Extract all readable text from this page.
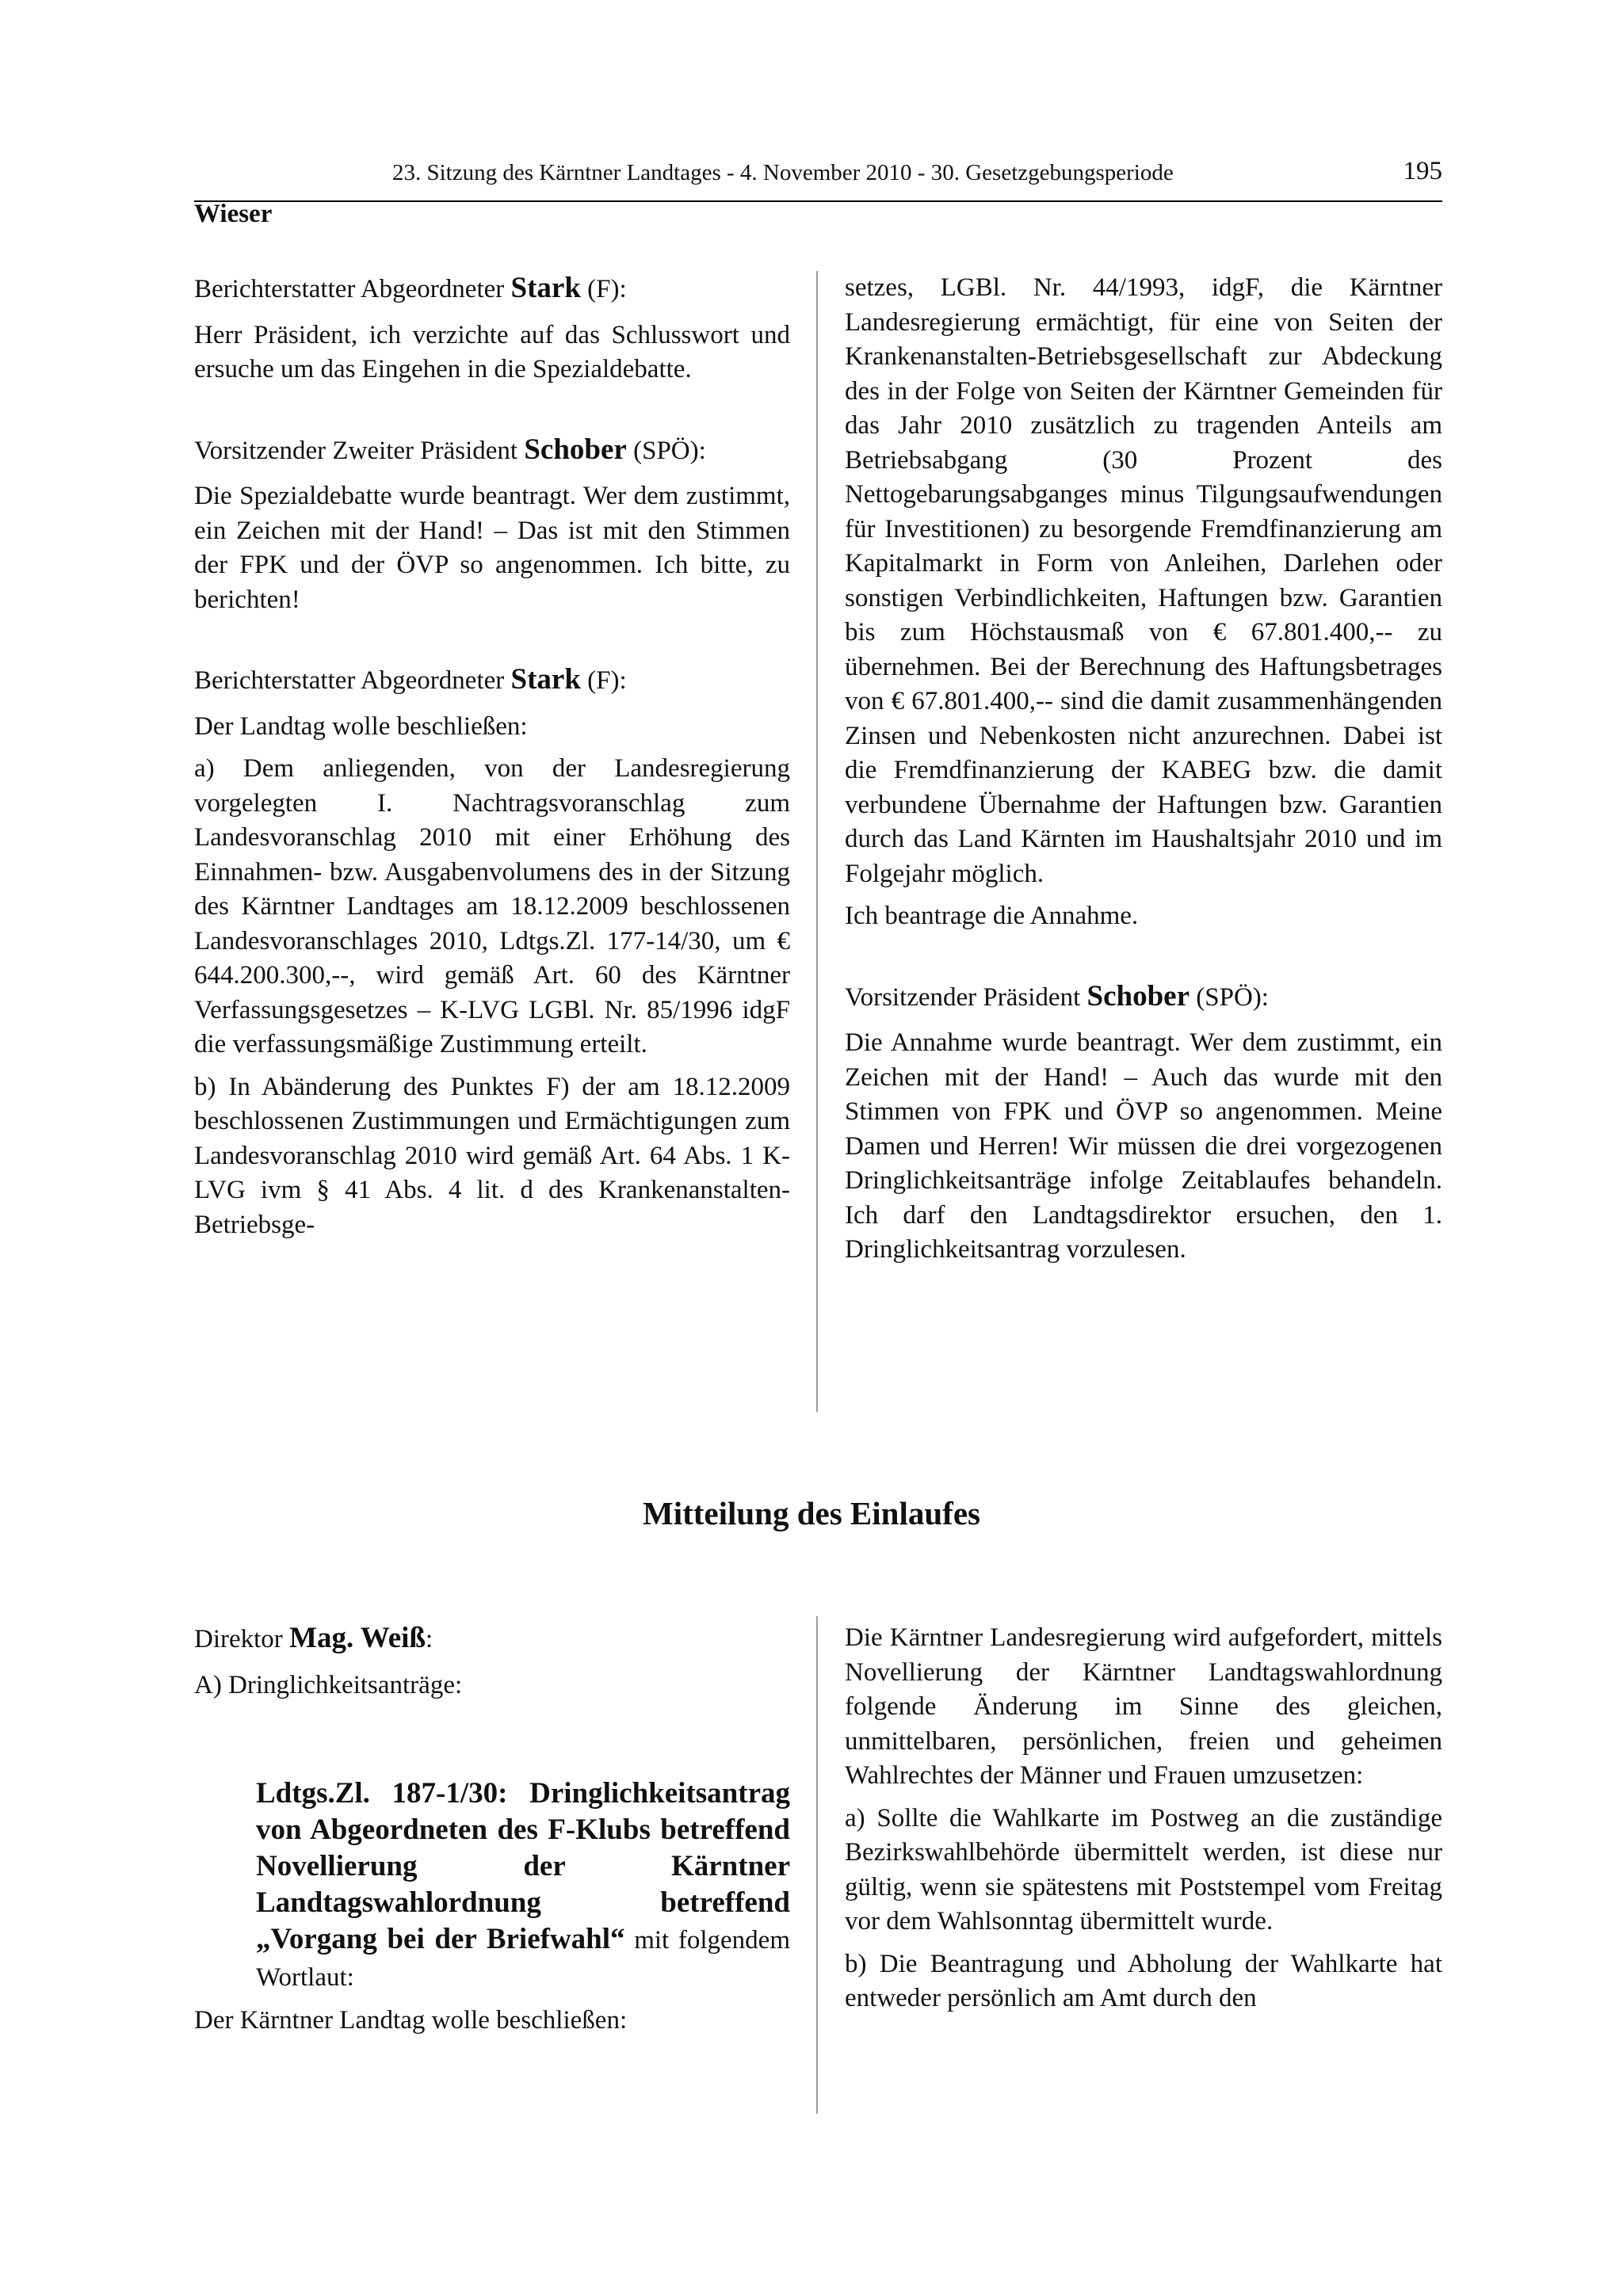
23. Sitzung des Kärntner Landtages - 4. November 2010 - 30. Gesetzgebungsperiode	195
Wieser

Berichterstatter Abgeordneter Stark (F):

Herr Präsident, ich verzichte auf das Schlusswort und ersuche um das Eingehen in die Spezialdebatte.

Vorsitzender Zweiter Präsident Schober (SPÖ):

Die Spezialdebatte wurde beantragt. Wer dem zustimmt, ein Zeichen mit der Hand! – Das ist mit den Stimmen der FPK und der ÖVP so angenommen. Ich bitte, zu berichten!

Berichterstatter Abgeordneter Stark (F):

Der Landtag wolle beschließen:

a) Dem anliegenden, von der Landesregierung vorgelegten I. Nachtragsvoranschlag zum Landesvoranschlag 2010 mit einer Erhöhung des Einnahmen- bzw. Ausgabenvolumens des in der Sitzung des Kärntner Landtages am 18.12.2009 beschlossenen Landesvoranschlages 2010, Ldtgs.Zl. 177-14/30, um € 644.200.300,--, wird gemäß Art. 60 des Kärntner Verfassungsgesetzes – K-LVG LGBl. Nr. 85/1996 idgF die verfassungsmäßige Zustimmung erteilt.

b) In Abänderung des Punktes F) der am 18.12.2009 beschlossenen Zustimmungen und Ermächtigungen zum Landesvoranschlag 2010 wird gemäß Art. 64 Abs. 1 K-LVG ivm § 41 Abs. 4 lit. d des Krankenanstalten-Betriebsge-

setzes, LGBl. Nr. 44/1993, idgF, die Kärntner Landesregierung ermächtigt, für eine von Seiten der Krankenanstalten-Betriebsgesellschaft zur Abdeckung des in der Folge von Seiten der Kärntner Gemeinden für das Jahr 2010 zusätzlich zu tragenden Anteils am Betriebsabgang (30 Prozent des Nettogebarungsabganges minus Tilgungsaufwendungen für Investitionen) zu besorgende Fremdfinanzierung am Kapitalmarkt in Form von Anleihen, Darlehen oder sonstigen Verbindlichkeiten, Haftungen bzw. Garantien bis zum Höchstausmaß von € 67.801.400,-- zu übernehmen. Bei der Berechnung des Haftungsbetrages von € 67.801.400,-- sind die damit zusammenhängenden Zinsen und Nebenkosten nicht anzurechnen. Dabei ist die Fremdfinanzierung der KABEG bzw. die damit verbundene Übernahme der Haftungen bzw. Garantien durch das Land Kärnten im Haushaltsjahr 2010 und im Folgejahr möglich.

Ich beantrage die Annahme.

Vorsitzender Präsident Schober (SPÖ):

Die Annahme wurde beantragt. Wer dem zustimmt, ein Zeichen mit der Hand! – Auch das wurde mit den Stimmen von FPK und ÖVP so angenommen. Meine Damen und Herren! Wir müssen die drei vorgezogenen Dringlichkeitsanträge infolge Zeitablaufes behandeln. Ich darf den Landtagsdirektor ersuchen, den 1. Dringlichkeitsantrag vorzulesen.

Mitteilung des Einlaufes

Direktor Mag. Weiß:

A) Dringlichkeitsanträge:

Ldtgs.Zl. 187-1/30: Dringlichkeitsantrag von Abgeordneten des F-Klubs betreffend Novellierung der Kärntner Landtagswahlordnung betreffend „Vorgang bei der Briefwahl“ mit folgendem Wortlaut:

Der Kärntner Landtag wolle beschließen:

Die Kärntner Landesregierung wird aufgefordert, mittels Novellierung der Kärntner Landtagswahlordnung folgende Änderung im Sinne des gleichen, unmittelbaren, persönlichen, freien und geheimen Wahlrechtes der Männer und Frauen umzusetzen:

a) Sollte die Wahlkarte im Postweg an die zuständige Bezirkswahlbehörde übermittelt werden, ist diese nur gültig, wenn sie spätestens mit Poststempel vom Freitag vor dem Wahlsonntag übermittelt wurde.

b) Die Beantragung und Abholung der Wahlkarte hat entweder persönlich am Amt durch den
